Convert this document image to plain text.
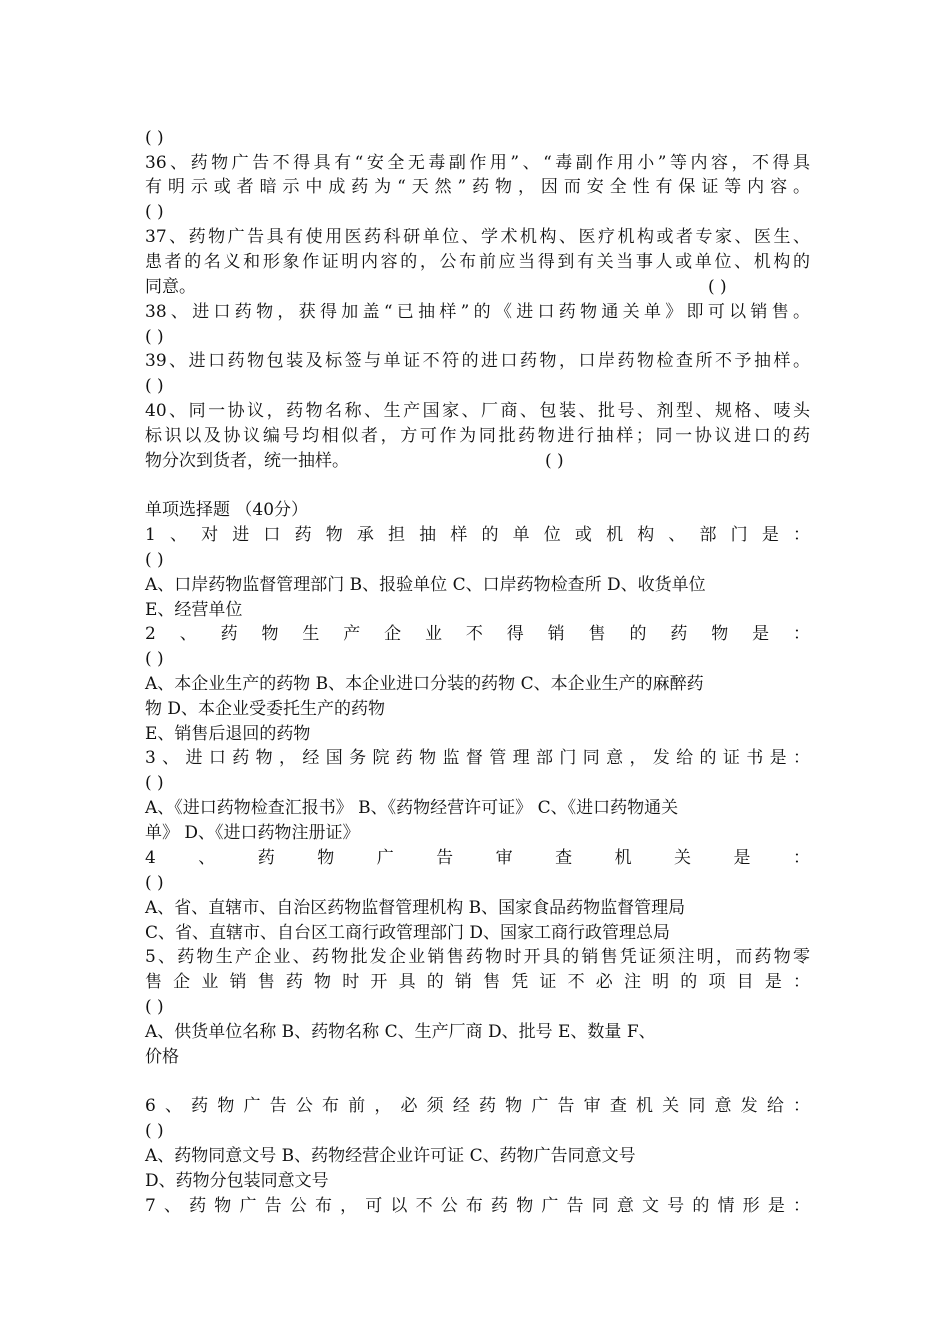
( )
36、药物广告不得具有“安全无毒副作用”、“毒副作用小”等内容，不得具
有明示或者暗示中成药为“天然”药物，因而安全性有保证等内容。
( )
37、药物广告具有使用医药科研单位、学术机构、医疗机构或者专家、医生、
患者的名义和形象作证明内容的，公布前应当得到有关当事人或单位、机构的
同意。	( )
38、进口药物，获得加盖“已抽样”的《进口药物通关单》即可以销售。
( )
39、进口药物包装及标签与单证不符的进口药物，口岸药物检查所不予抽样。
( )
40、同一协议，药物名称、生产国家、厂商、包装、批号、剂型、规格、唛头
标识以及协议编号均相似者，方可作为同批药物进行抽样；同一协议进口的药
物分次到货者，统一抽样。	( )
单项选择题 （40分）
1、对进口药物承担抽样的单位或机构、部门是：
( )
A、口岸药物监督管理部门 B、报验单位 C、口岸药物检查所 D、收货单位
E、经营单位
2、药物生产企业不得销售的药物是：
( )
A、本企业生产的药物 B、本企业进口分装的药物 C、本企业生产的麻醉药
物 D、本企业受委托生产的药物
E、销售后退回的药物
3、进口药物，经国务院药物监督管理部门同意，发给的证书是：
( )
A、《进口药物检查汇报书》 B、《药物经营许可证》 C、《进口药物通关
单》 D、《进口药物注册证》
4、药物广告审查机关是：
( )
A、省、直辖市、自治区药物监督管理机构 B、国家食品药物监督管理局
C、省、直辖市、自台区工商行政管理部门 D、国家工商行政管理总局
5、药物生产企业、药物批发企业销售药物时开具的销售凭证须注明，而药物零
售企业销售药物时开具的销售凭证不必注明的项目是：
( )
A、供货单位名称 B、药物名称 C、生产厂商 D、批号 E、数量 F、
价格
6、药物广告公布前，必须经药物广告审查机关同意发给：
( )
A、药物同意文号 B、药物经营企业许可证 C、药物广告同意文号
D、药物分包装同意文号
7、药物广告公布，可以不公布药物广告同意文号的情形是：
